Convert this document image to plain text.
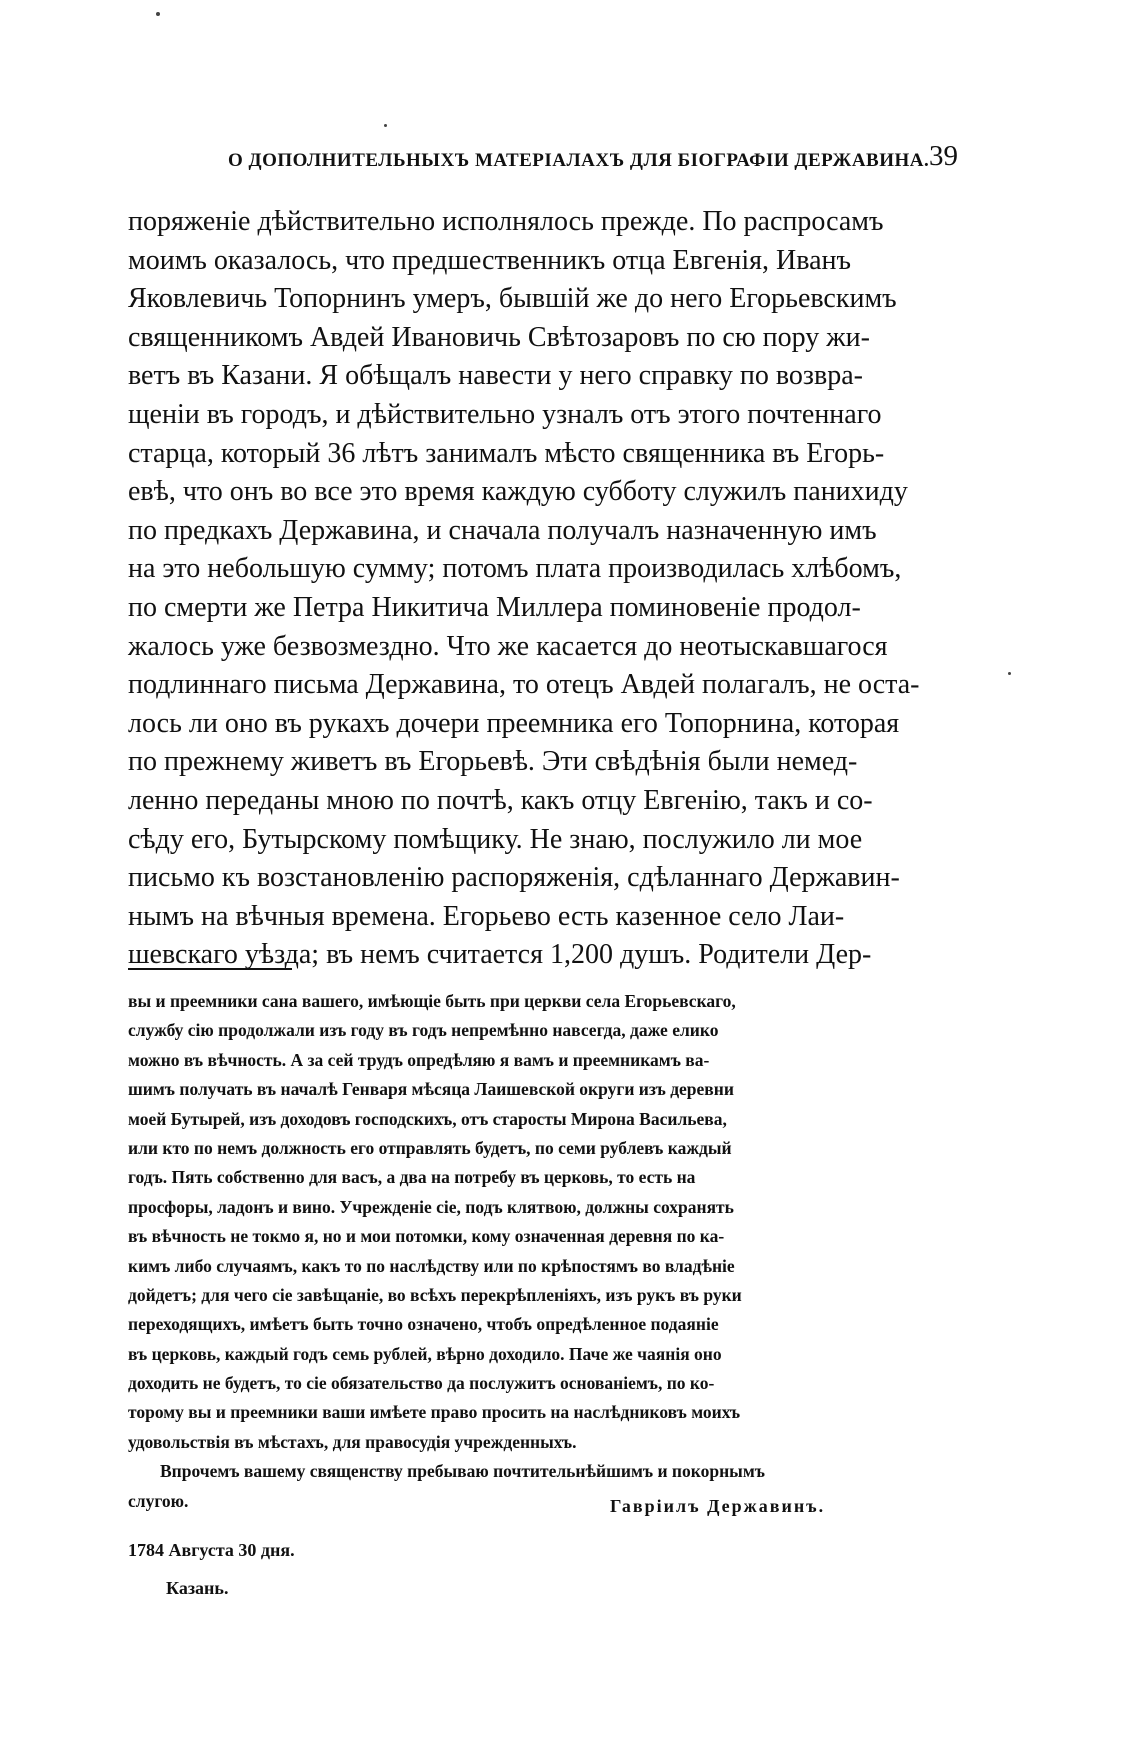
О ДОПОЛНИТЕЛЬНЫХЪ МАТЕРІАЛАХЪ ДЛЯ БІОГРАФІИ ДЕРЖАВИНА. 39
поряженіе дѣйствительно исполнялось прежде. По распросамъ
моимъ оказалось, что предшественникъ отца Евгенія, Иванъ
Яковлевичь Топорнинъ умеръ, бывшій же до него Егорьевскимъ
священникомъ Авдей Ивановичь Свѣтозаровъ по сю пору жи-
ветъ въ Казани. Я обѣщалъ навести у него справку по возвра-
щеніи въ городъ, и дѣйствительно узналъ отъ этого почтеннаго
старца, который 36 лѣтъ занималъ мѣсто священника въ Егорь-
евѣ, что онъ во все это время каждую субботу служилъ панихиду
по предкахъ Державина, и сначала получалъ назначенную имъ
на это небольшую сумму; потомъ плата производилась хлѣбомъ,
по смерти же Петра Никитича Миллера поминовеніе продол-
жалось уже безвозмездно. Что же касается до неотыскавшагося
подлиннаго письма Державина, то отецъ Авдей полагалъ, не оста-
лось ли оно въ рукахъ дочери преемника его Топорнина, которая
по прежнему живетъ въ Егорьевѣ. Эти свѣдѣнія были немед-
ленно переданы мною по почтѣ, какъ отцу Евгенію, такъ и со-
сѣду его, Бутырскому помѣщику. Не знаю, послужило ли мое
письмо къ возстановленію распоряженія, сдѣланнаго Державин-
нымъ на вѣчныя времена. Егорьево есть казенное село Лаи-
шевскаго уѣзда; въ немъ считается 1,200 душъ. Родители Дер-
вы и преемники сана вашего, имѣющіе быть при церкви села Егорьевскаго,
службу сію продолжали изъ году въ годъ непремѣнно навсегда, даже елико
можно въ вѣчность. А за сей трудъ опредѣляю я вамъ и преемникамъ ва-
шимъ получать въ началѣ Генваря мѣсяца Лаишевской округи изъ деревни
моей Бутырей, изъ доходовъ господскихъ, отъ старосты Мирона Васильева,
или кто по немъ должность его отправлять будетъ, по семи рублевъ каждый
годъ. Пять собственно для васъ, а два на потребу въ церковь, то есть на
просфоры, ладонъ и вино. Учрежденіе сіе, подъ клятвою, должны сохранять
въ вѣчность не токмо я, но и мои потомки, кому означенная деревня по ка-
кимъ либо случаямъ, какъ то по наслѣдству или по крѣпостямъ во владѣніе
дойдетъ; для чего сіе завѣщаніе, во всѣхъ перекрѣпленіяхъ, изъ рукъ въ руки
переходящихъ, имѣетъ быть точно означено, чтобъ опредѣленное подаяніе
въ церковь, каждый годъ семь рублей, вѣрно доходило. Паче же чаянія оно
доходить не будетъ, то сіе обязательство да послужитъ основаніемъ, по ко-
торому вы и преемники ваши имѣете право просить на наслѣдниковъ моихъ
удовольствія въ мѣстахъ, для правосудія учрежденныхъ.
Впрочемъ вашему священству пребываю почтительнѣйшимъ и покорнымъ
слугою.	Гавріилъ Державинъ.
1784 Августа 30 дня.
Казань.
